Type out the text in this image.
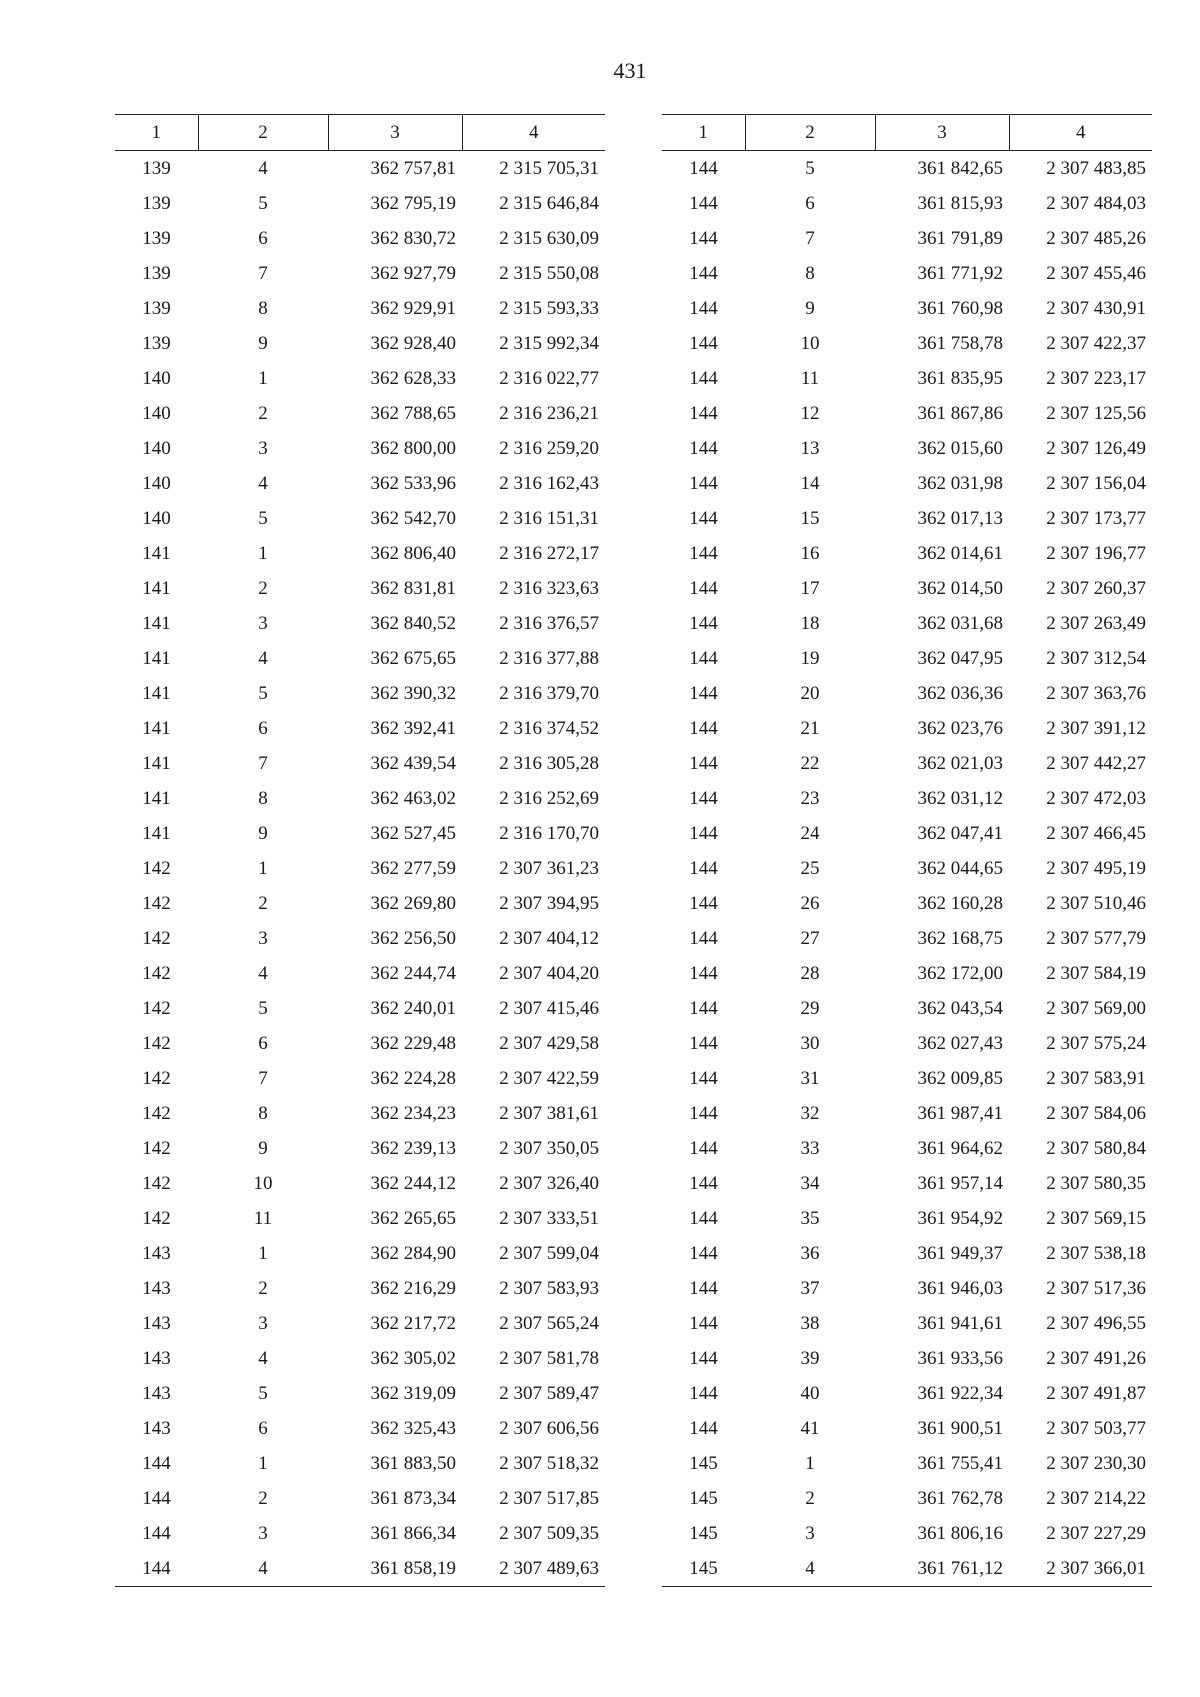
431
1	2	3	4
139	4	362 757,81	2 315 705,31
139	5	362 795,19	2 315 646,84
139	6	362 830,72	2 315 630,09
139	7	362 927,79	2 315 550,08
139	8	362 929,91	2 315 593,33
139	9	362 928,40	2 315 992,34
140	1	362 628,33	2 316 022,77
140	2	362 788,65	2 316 236,21
140	3	362 800,00	2 316 259,20
140	4	362 533,96	2 316 162,43
140	5	362 542,70	2 316 151,31
141	1	362 806,40	2 316 272,17
141	2	362 831,81	2 316 323,63
141	3	362 840,52	2 316 376,57
141	4	362 675,65	2 316 377,88
141	5	362 390,32	2 316 379,70
141	6	362 392,41	2 316 374,52
141	7	362 439,54	2 316 305,28
141	8	362 463,02	2 316 252,69
141	9	362 527,45	2 316 170,70
142	1	362 277,59	2 307 361,23
142	2	362 269,80	2 307 394,95
142	3	362 256,50	2 307 404,12
142	4	362 244,74	2 307 404,20
142	5	362 240,01	2 307 415,46
142	6	362 229,48	2 307 429,58
142	7	362 224,28	2 307 422,59
142	8	362 234,23	2 307 381,61
142	9	362 239,13	2 307 350,05
142	10	362 244,12	2 307 326,40
142	11	362 265,65	2 307 333,51
143	1	362 284,90	2 307 599,04
143	2	362 216,29	2 307 583,93
143	3	362 217,72	2 307 565,24
143	4	362 305,02	2 307 581,78
143	5	362 319,09	2 307 589,47
143	6	362 325,43	2 307 606,56
144	1	361 883,50	2 307 518,32
144	2	361 873,34	2 307 517,85
144	3	361 866,34	2 307 509,35
144	4	361 858,19	2 307 489,63
1	2	3	4
144	5	361 842,65	2 307 483,85
144	6	361 815,93	2 307 484,03
144	7	361 791,89	2 307 485,26
144	8	361 771,92	2 307 455,46
144	9	361 760,98	2 307 430,91
144	10	361 758,78	2 307 422,37
144	11	361 835,95	2 307 223,17
144	12	361 867,86	2 307 125,56
144	13	362 015,60	2 307 126,49
144	14	362 031,98	2 307 156,04
144	15	362 017,13	2 307 173,77
144	16	362 014,61	2 307 196,77
144	17	362 014,50	2 307 260,37
144	18	362 031,68	2 307 263,49
144	19	362 047,95	2 307 312,54
144	20	362 036,36	2 307 363,76
144	21	362 023,76	2 307 391,12
144	22	362 021,03	2 307 442,27
144	23	362 031,12	2 307 472,03
144	24	362 047,41	2 307 466,45
144	25	362 044,65	2 307 495,19
144	26	362 160,28	2 307 510,46
144	27	362 168,75	2 307 577,79
144	28	362 172,00	2 307 584,19
144	29	362 043,54	2 307 569,00
144	30	362 027,43	2 307 575,24
144	31	362 009,85	2 307 583,91
144	32	361 987,41	2 307 584,06
144	33	361 964,62	2 307 580,84
144	34	361 957,14	2 307 580,35
144	35	361 954,92	2 307 569,15
144	36	361 949,37	2 307 538,18
144	37	361 946,03	2 307 517,36
144	38	361 941,61	2 307 496,55
144	39	361 933,56	2 307 491,26
144	40	361 922,34	2 307 491,87
144	41	361 900,51	2 307 503,77
145	1	361 755,41	2 307 230,30
145	2	361 762,78	2 307 214,22
145	3	361 806,16	2 307 227,29
145	4	361 761,12	2 307 366,01
